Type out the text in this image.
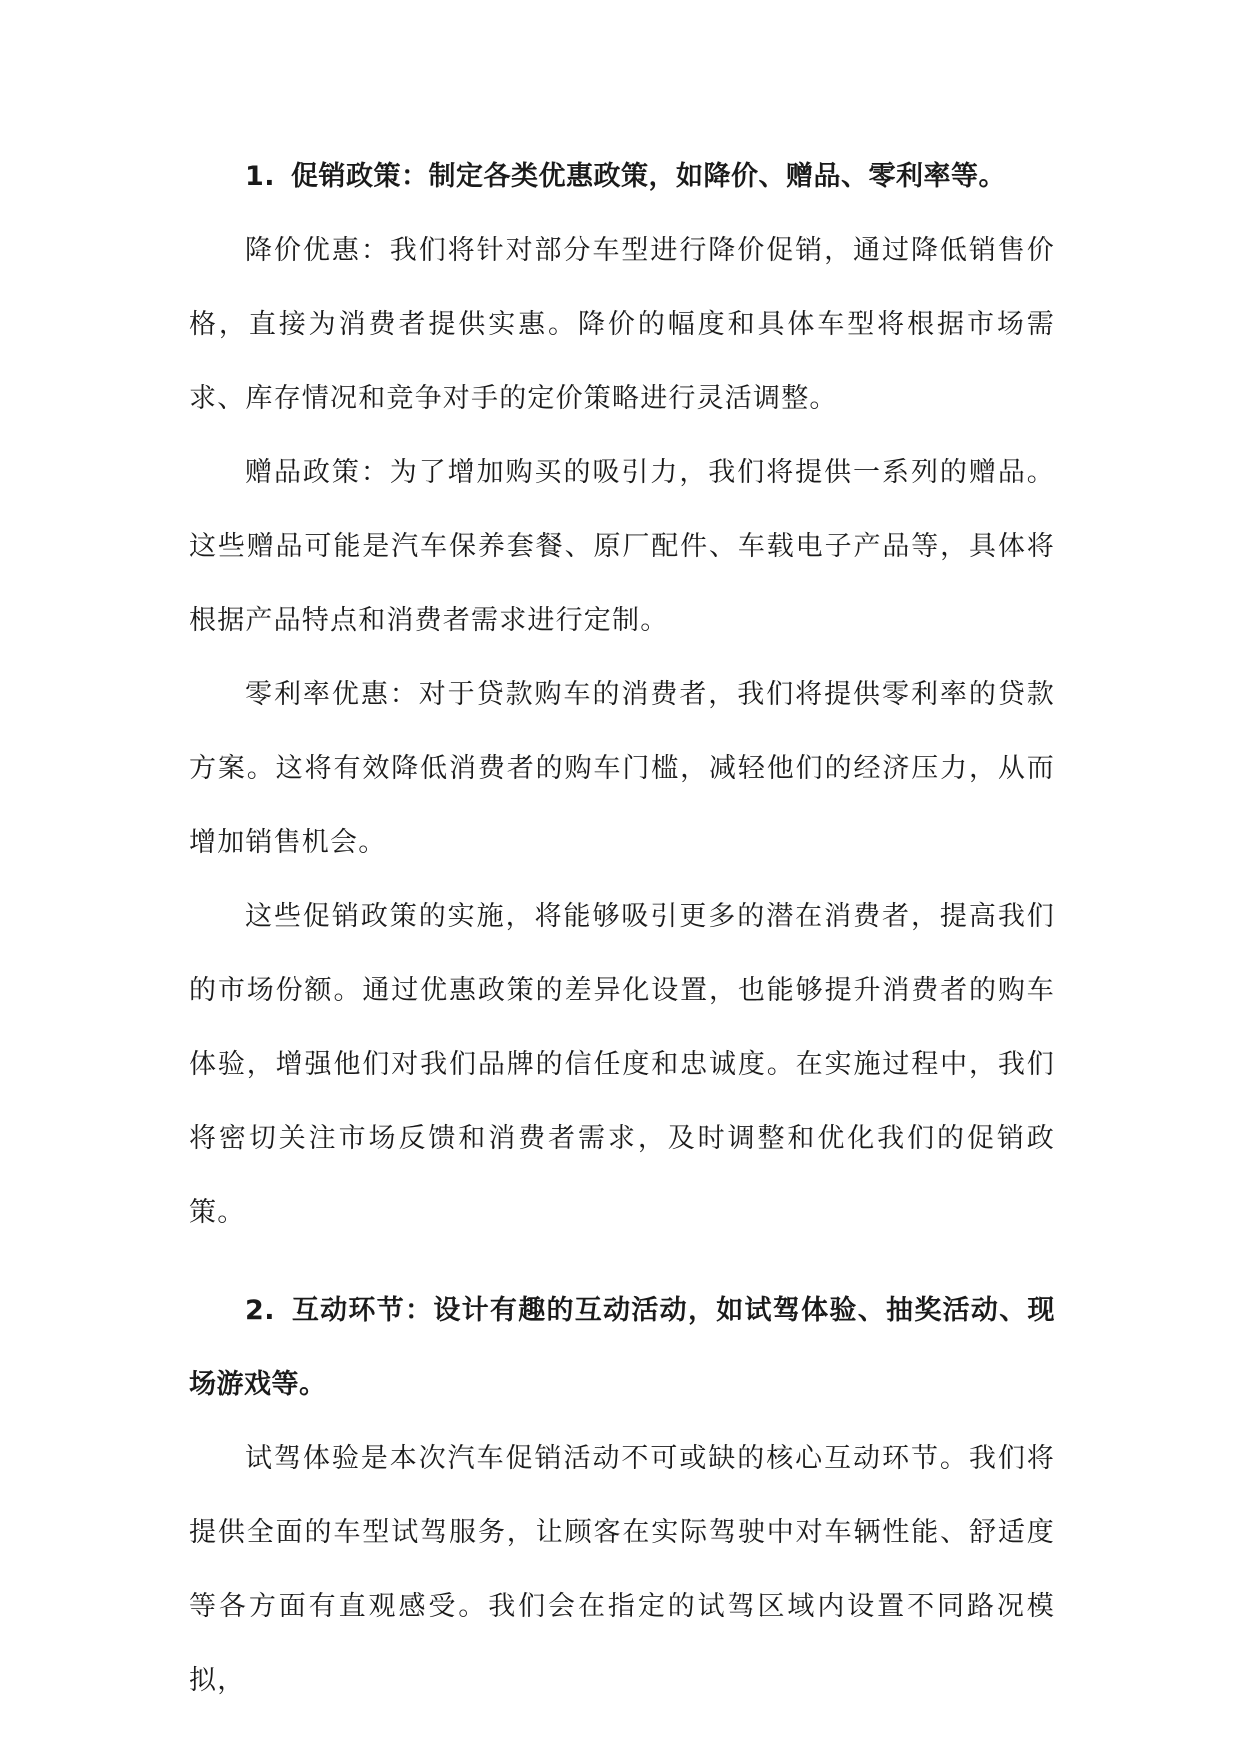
1. 促销政策：制定各类优惠政策，如降价、赠品、零利率等。

降价优惠：我们将针对部分车型进行降价促销，通过降低销售价格，直接为消费者提供实惠。降价的幅度和具体车型将根据市场需求、库存情况和竞争对手的定价策略进行灵活调整。

赠品政策：为了增加购买的吸引力，我们将提供一系列的赠品。这些赠品可能是汽车保养套餐、原厂配件、车载电子产品等，具体将根据产品特点和消费者需求进行定制。

零利率优惠：对于贷款购车的消费者，我们将提供零利率的贷款方案。这将有效降低消费者的购车门槛，减轻他们的经济压力，从而增加销售机会。

这些促销政策的实施，将能够吸引更多的潜在消费者，提高我们的市场份额。通过优惠政策的差异化设置，也能够提升消费者的购车体验，增强他们对我们品牌的信任度和忠诚度。在实施过程中，我们将密切关注市场反馈和消费者需求，及时调整和优化我们的促销政策。

2. 互动环节：设计有趣的互动活动，如试驾体验、抽奖活动、现场游戏等。

试驾体验是本次汽车促销活动不可或缺的核心互动环节。我们将提供全面的车型试驾服务，让顾客在实际驾驶中对车辆性能、舒适度等各方面有直观感受。我们会在指定的试驾区域内设置不同路况模拟，
